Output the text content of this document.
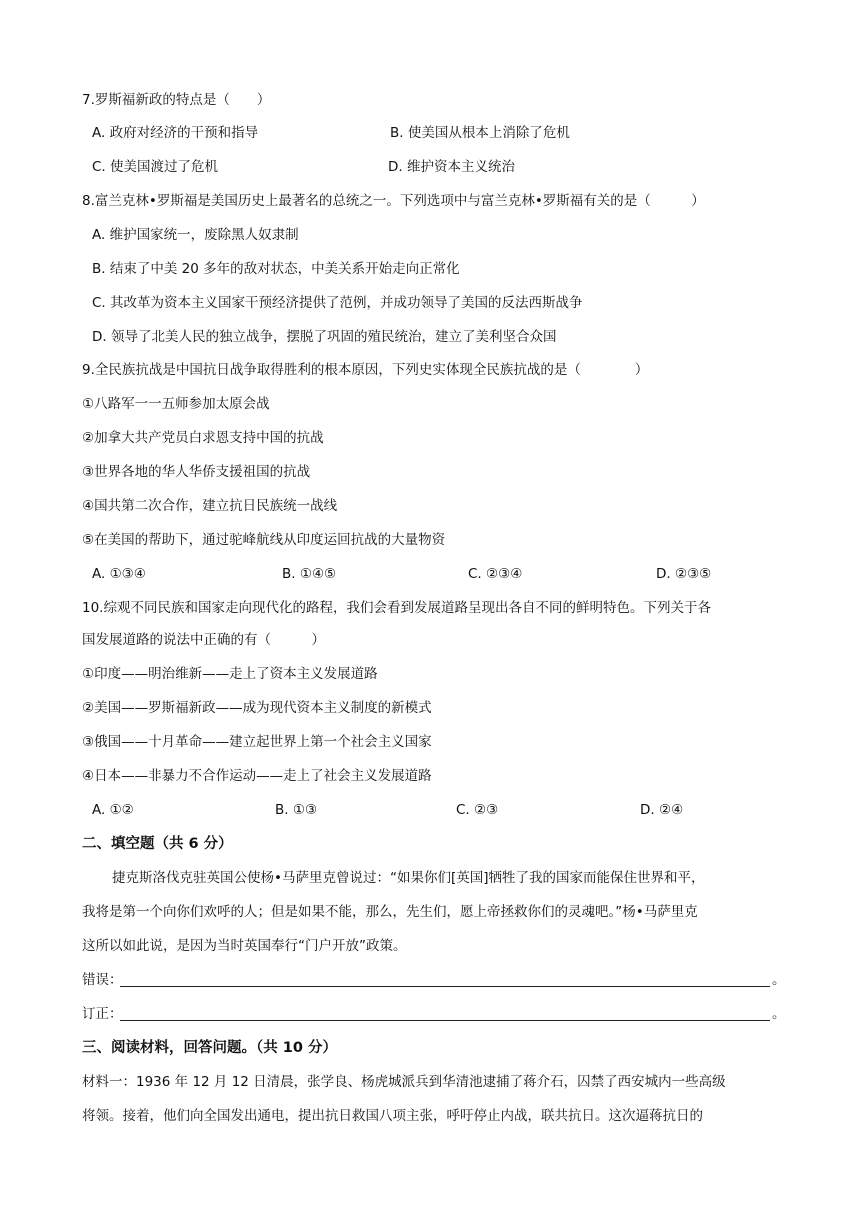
7.罗斯福新政的特点是（　　）
A. 政府对经济的干预和指导	B. 使美国从根本上消除了危机
C. 使美国渡过了危机	D. 维护资本主义统治
8.富兰克林•罗斯福是美国历史上最著名的总统之一。下列选项中与富兰克林•罗斯福有关的是（　　　）
A. 维护国家统一，废除黑人奴隶制
B. 结束了中美 20 多年的敌对状态，中美关系开始走向正常化
C. 其改革为资本主义国家干预经济提供了范例，并成功领导了美国的反法西斯战争
D. 领导了北美人民的独立战争，摆脱了巩固的殖民统治，建立了美利坚合众国
9.全民族抗战是中国抗日战争取得胜利的根本原因，下列史实体现全民族抗战的是（　　　　）
①八路军一一五师参加太原会战
②加拿大共产党员白求恩支持中国的抗战
③世界各地的华人华侨支援祖国的抗战
④国共第二次合作，建立抗日民族统一战线
⑤在美国的帮助下，通过驼峰航线从印度运回抗战的大量物资
A. ①③④	B. ①④⑤	C. ②③④	D. ②③⑤
10.综观不同民族和国家走向现代化的路程，我们会看到发展道路呈现出各自不同的鲜明特色。下列关于各
国发展道路的说法中正确的有（　　　）
①印度——明治维新——走上了资本主义发展道路
②美国——罗斯福新政——成为现代资本主义制度的新模式
③俄国——十月革命——建立起世界上第一个社会主义国家
④日本——非暴力不合作运动——走上了社会主义发展道路
A. ①②	B. ①③	C. ②③	D. ②④
二、填空题（共 6 分）
捷克斯洛伐克驻英国公使杨•马萨里克曾说过：“如果你们[英国]牺牲了我的国家而能保住世界和平，
我将是第一个向你们欢呼的人；但是如果不能，那么，先生们，愿上帝拯救你们的灵魂吧。”杨•马萨里克
这所以如此说，是因为当时英国奉行“门户开放”政策。
错误：	。
订正：	。
三、阅读材料，回答问题。（共 10 分）
材料一：1936 年 12 月 12 日清晨，张学良、杨虎城派兵到华清池逮捕了蒋介石，囚禁了西安城内一些高级
将领。接着，他们向全国发出通电，提出抗日救国八项主张，呼吁停止内战，联共抗日。这次逼蒋抗日的
